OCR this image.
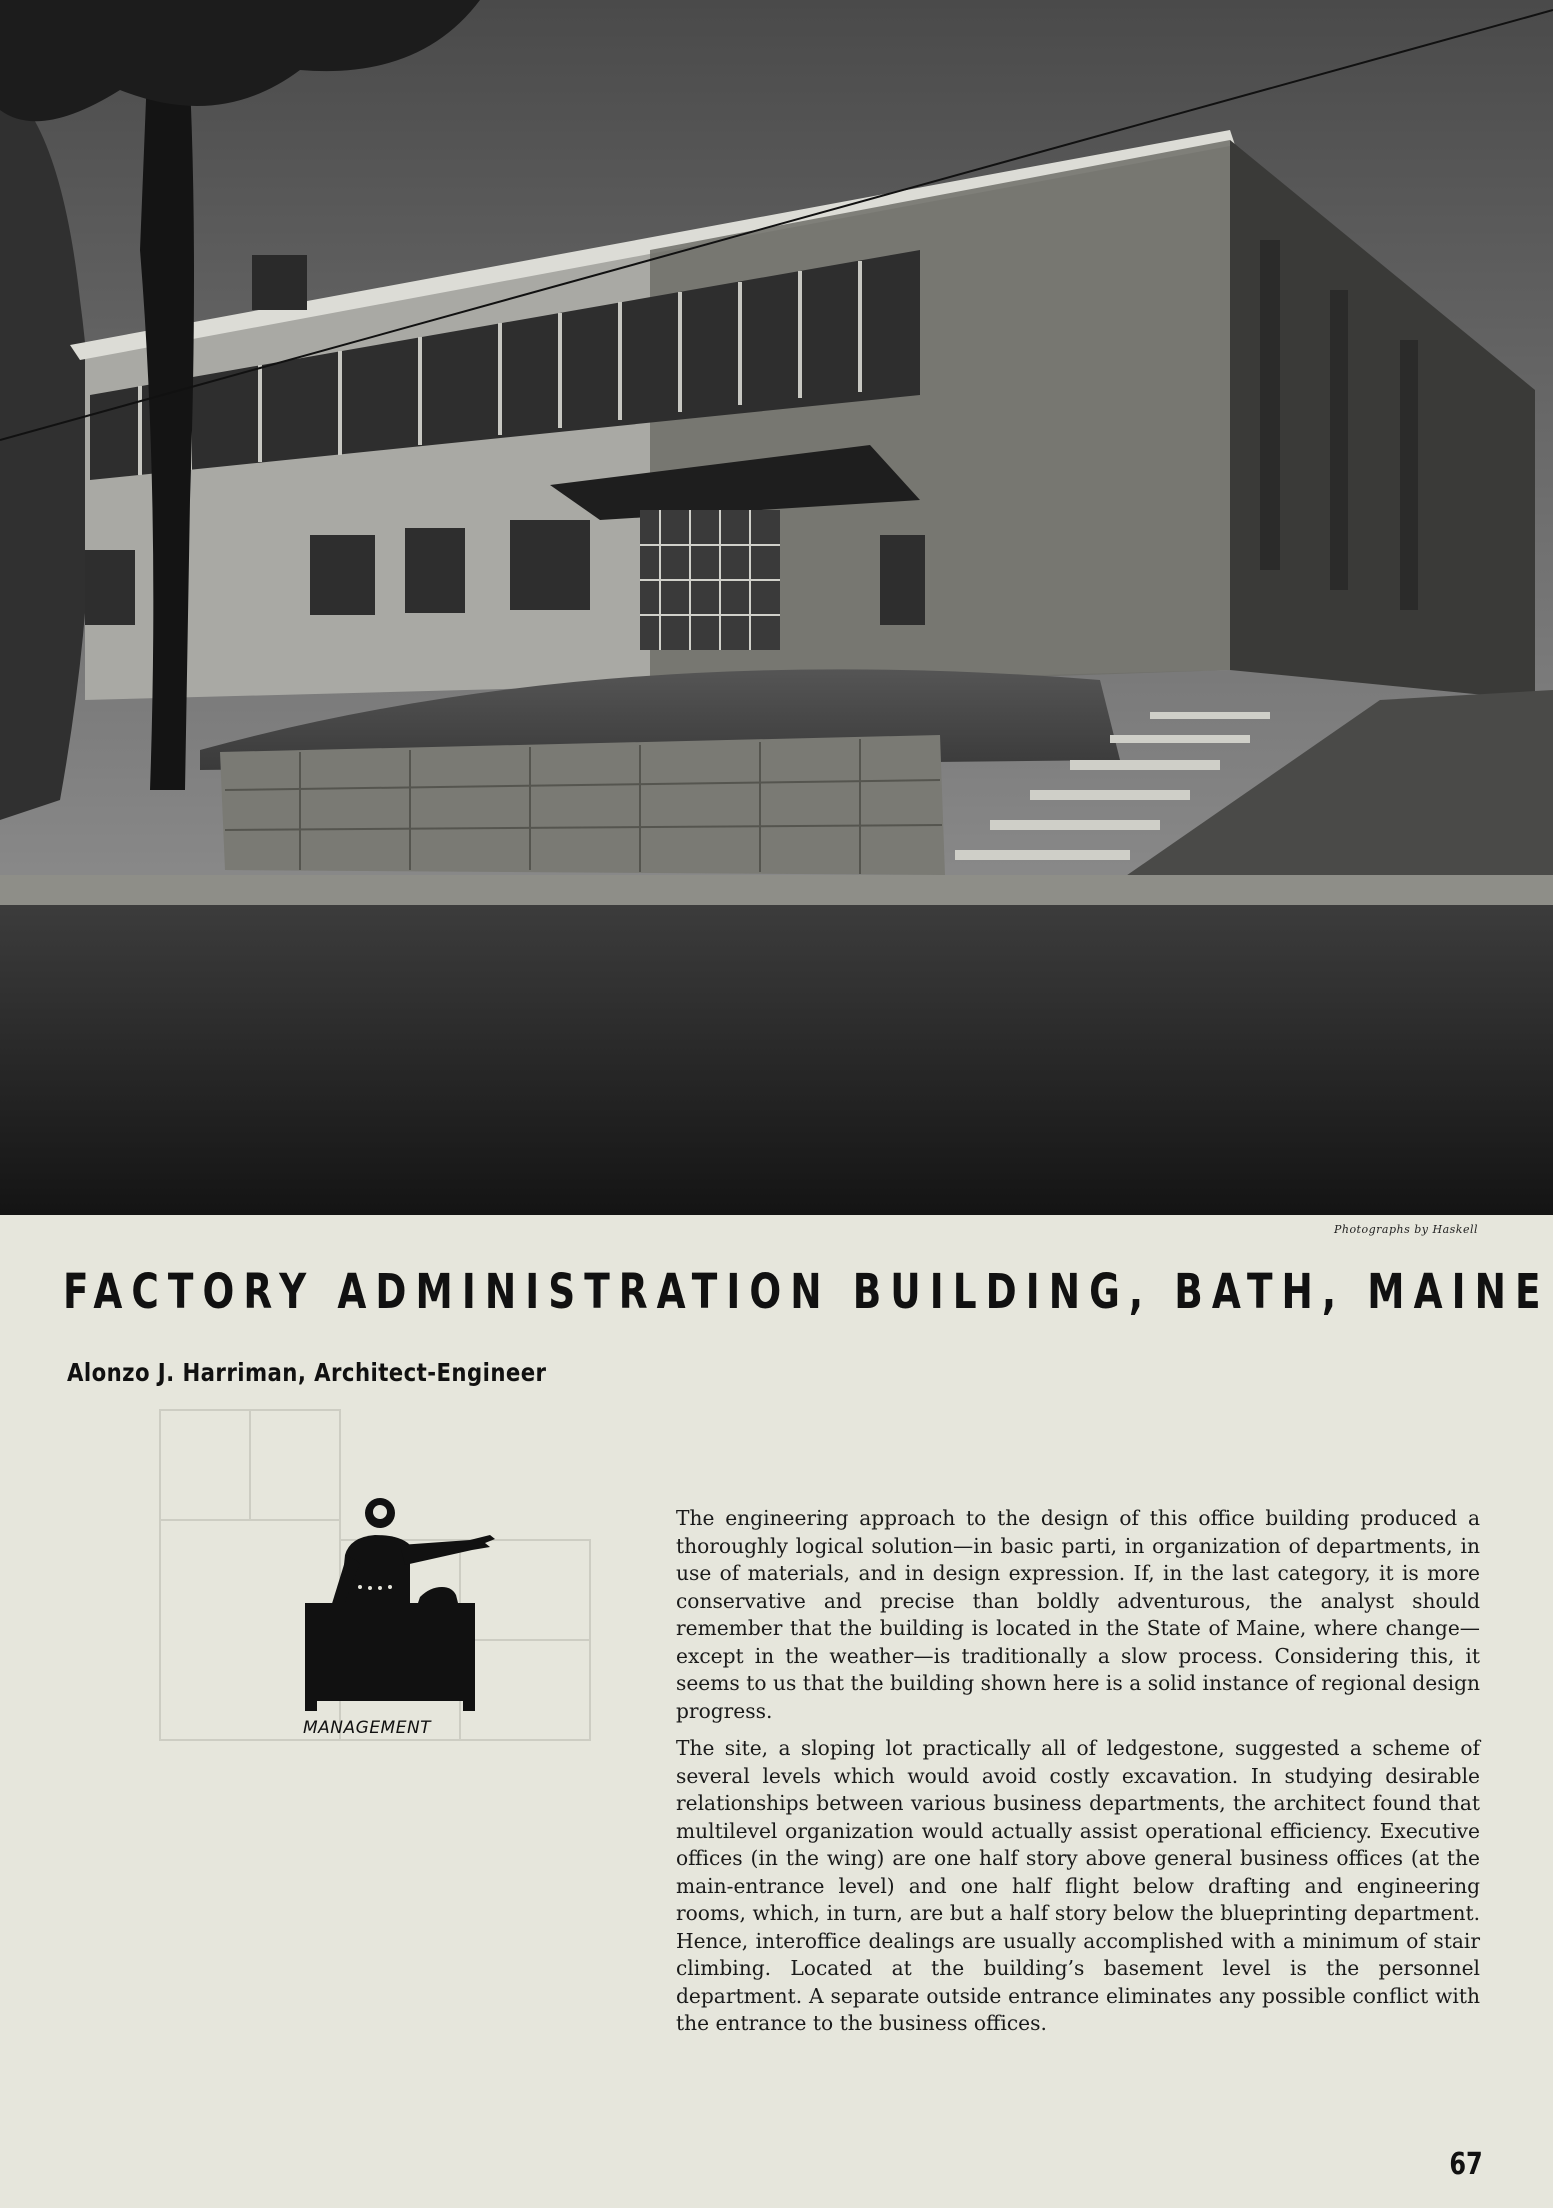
Photographs by Haskell
FACTORY ADMINISTRATION BUILDING, BATH, MAINE
Alonzo J. Harriman, Architect-Engineer
MANAGEMENT

The engineering approach to the design of this office building produced a thoroughly logical solution—in basic parti, in organization of departments, in use of materials, and in design expression. If, in the last category, it is more conservative and precise than boldly adventurous, the analyst should remember that the building is located in the State of Maine, where change—except in the weather—is traditionally a slow process. Considering this, it seems to us that the building shown here is a solid instance of regional design progress.

The site, a sloping lot practically all of ledgestone, suggested a scheme of several levels which would avoid costly excavation. In studying desirable relationships between various business departments, the architect found that multilevel organization would actually assist operational efficiency. Executive offices (in the wing) are one half story above general business offices (at the main-entrance level) and one half flight below drafting and engineering rooms, which, in turn, are but a half story below the blueprinting department. Hence, interoffice dealings are usually accomplished with a minimum of stair climbing. Located at the building’s basement level is the personnel department. A separate outside entrance eliminates any possible conflict with the entrance to the business offices.

67
